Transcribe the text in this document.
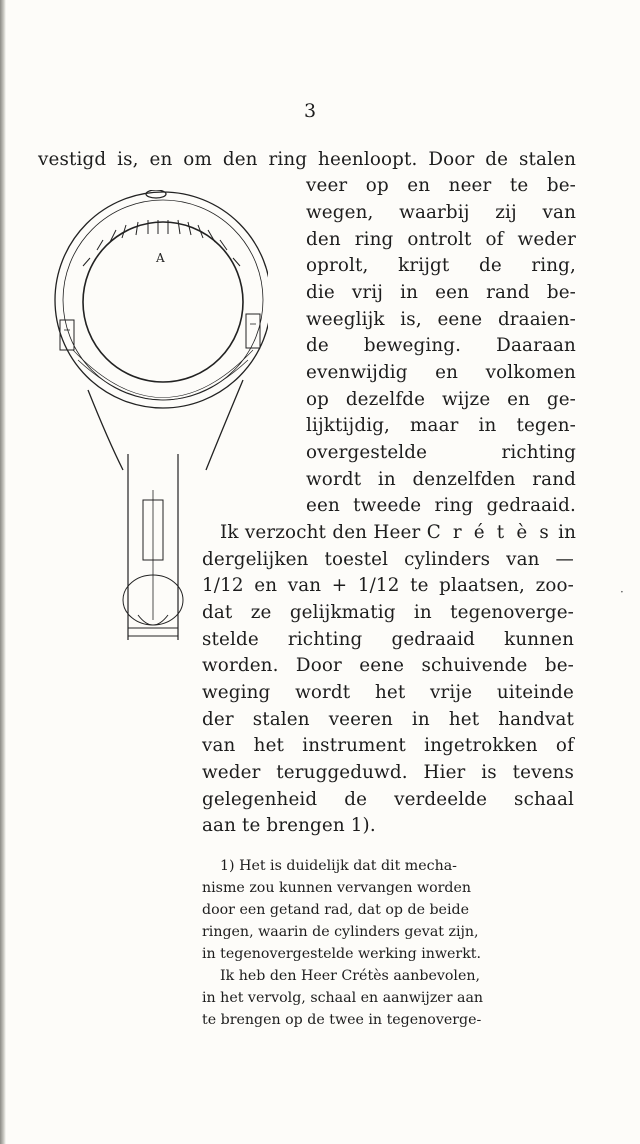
3
vestigd is, en om den ring heenloopt. Door de stalen
veer op en neer te be-
wegen, waarbij zij van
den ring ontrolt of weder
oprolt, krijgt de ring,
die vrij in een rand be-
weeglijk is, eene draaien-
de beweging. Daaraan
evenwijdig en volkomen
op dezelfde wijze en ge-
lijktijdig, maar in tegen-
overgestelde richting
wordt in denzelfden rand
een tweede ring gedraaid.
Ik verzocht den Heer C r é t è s in
dergelijken toestel cylinders van —
1/12 en van + 1/12 te plaatsen, zoo-
dat ze gelijkmatig in tegenoverge-
stelde richting gedraaid kunnen
worden. Door eene schuivende be-
weging wordt het vrije uiteinde
der stalen veeren in het handvat
van het instrument ingetrokken of
weder teruggeduwd. Hier is tevens
gelegenheid de verdeelde schaal
aan te brengen 1).
1) Het is duidelijk dat dit mecha-
nisme zou kunnen vervangen worden
door een getand rad, dat op de beide
ringen, waarin de cylinders gevat zijn,
in tegenovergestelde werking inwerkt.
Ik heb den Heer Crétès aanbevolen,
in het vervolg, schaal en aanwijzer aan
te brengen op de twee in tegenoverge-
A
·
